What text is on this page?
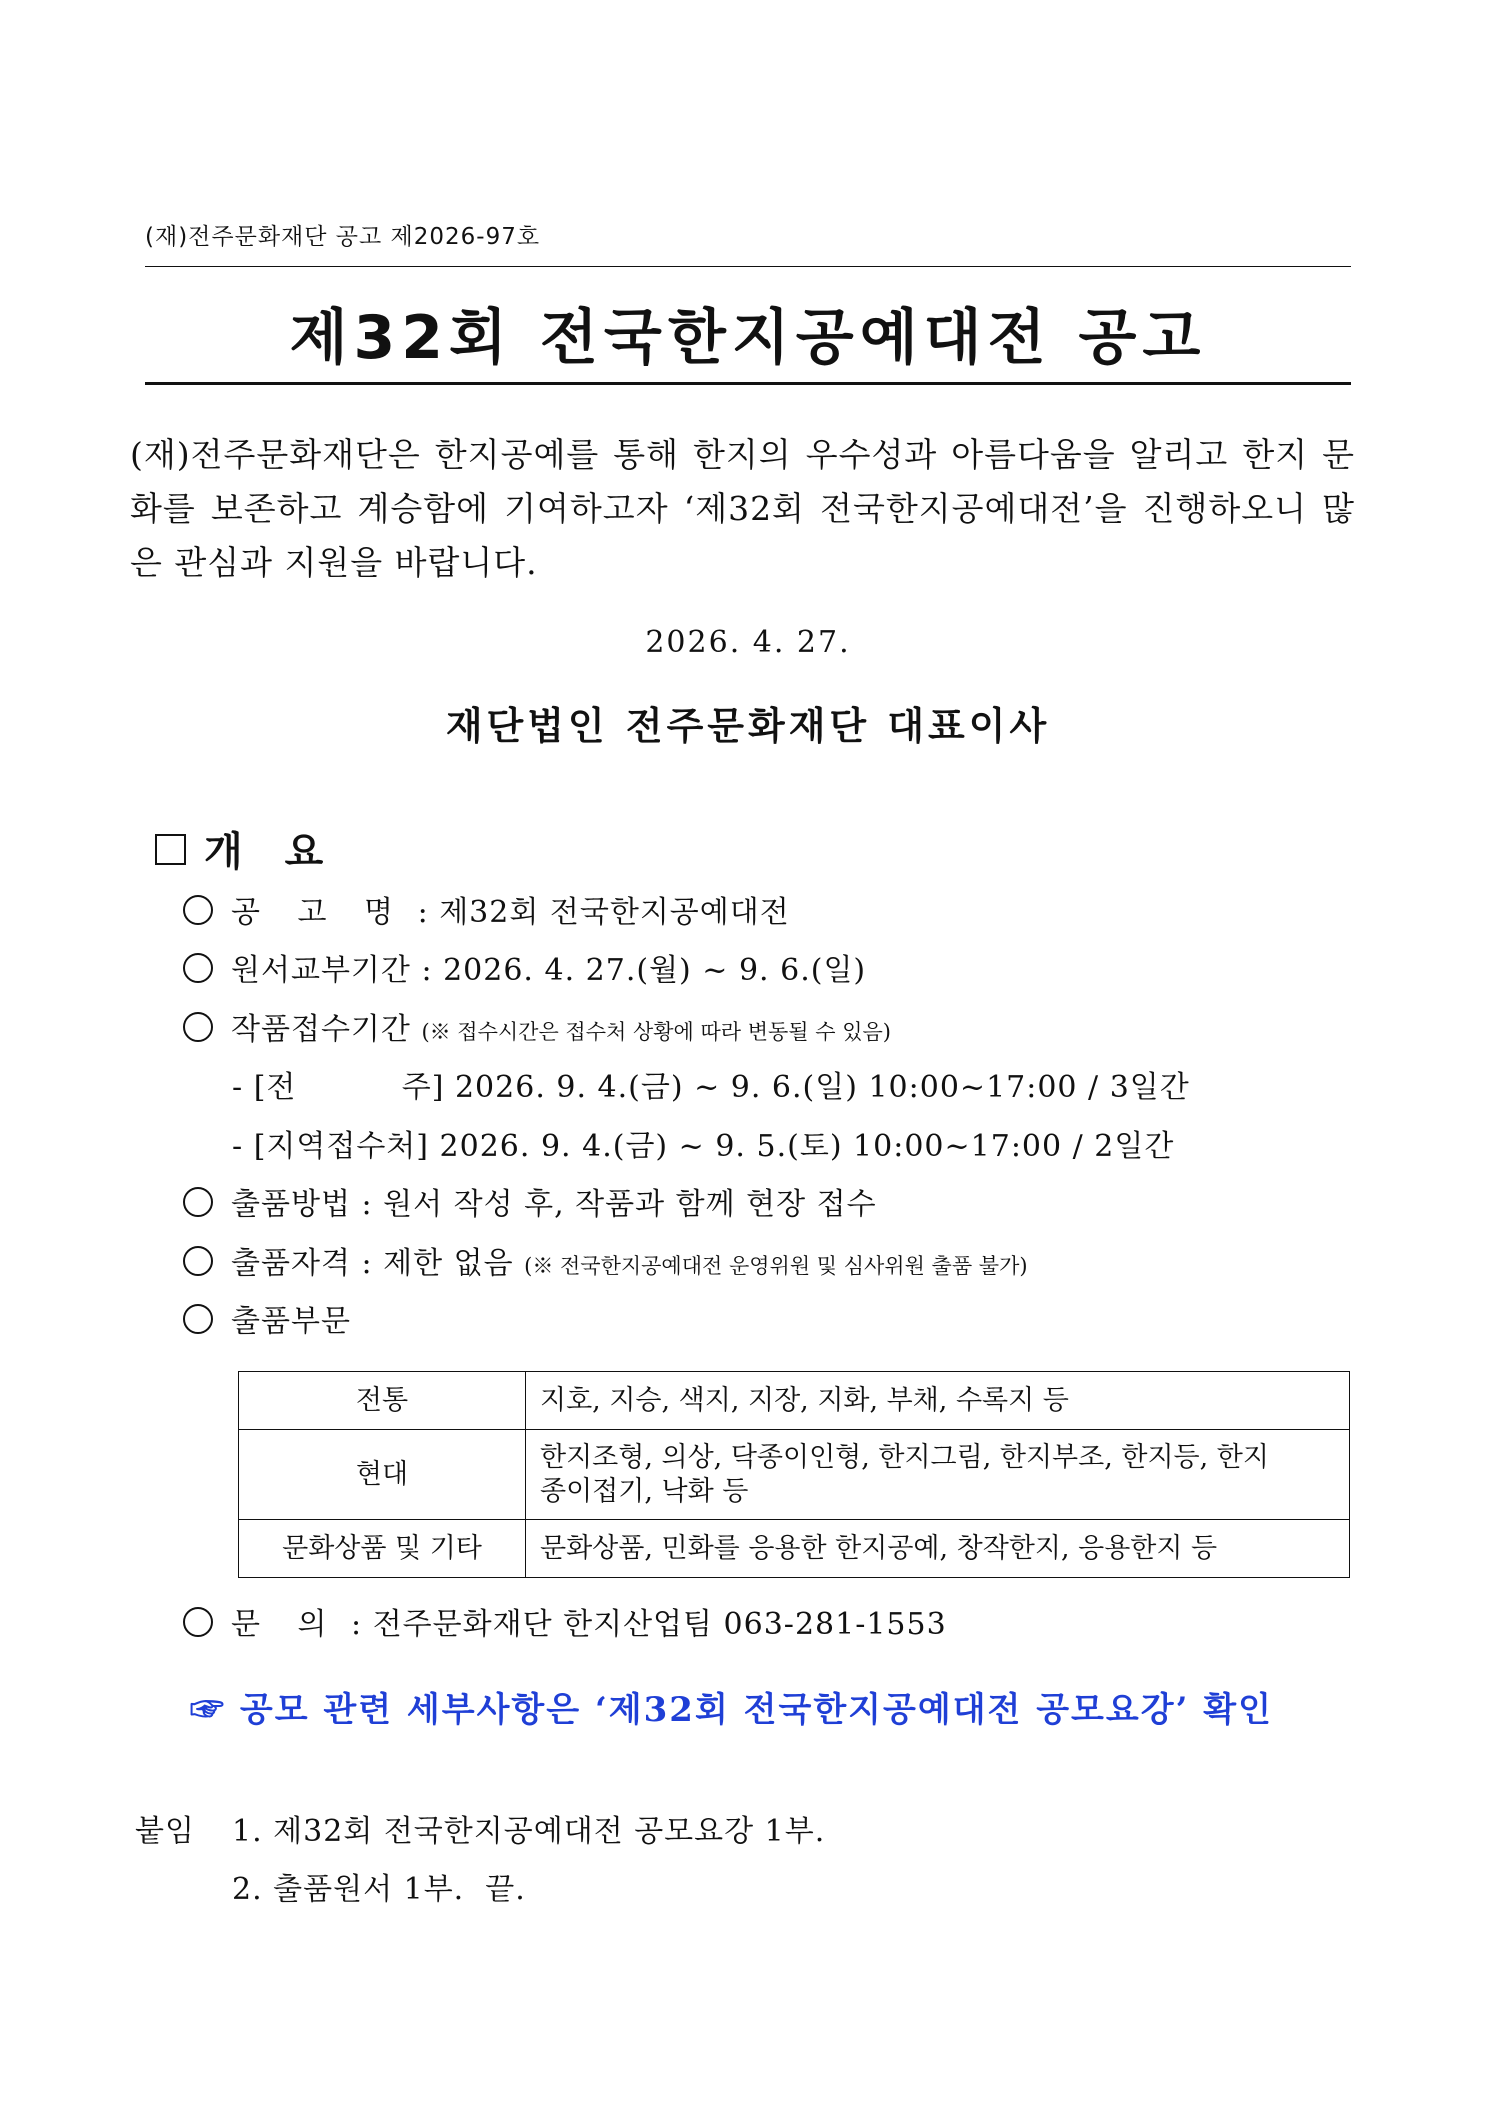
(재)전주문화재단 공고 제2026-97호
제32회 전국한지공예대전 공고
(재)전주문화재단은 한지공예를 통해 한지의 우수성과 아름다움을 알리고 한지 문화를 보존하고 계승함에 기여하고자 ‘제32회 전국한지공예대전’을 진행하오니 많은 관심과 지원을 바랍니다.
2026. 4. 27.
재단법인 전주문화재단 대표이사
개 요
공 고 명 : 제32회 전국한지공예대전
원서교부기간 : 2026. 4. 27.(월) ~ 9. 6.(일)
작품접수기간 (※ 접수시간은 접수처 상황에 따라 변동될 수 있음)
- [전          주] 2026. 9. 4.(금) ~ 9. 6.(일) 10:00~17:00 / 3일간
- [지역접수처] 2026. 9. 4.(금) ~ 9. 5.(토) 10:00~17:00 / 2일간
출품방법 : 원서 작성 후, 작품과 함께 현장 접수
출품자격 : 제한 없음 (※ 전국한지공예대전 운영위원 및 심사위원 출품 불가)
출품부문
전통	지호, 지승, 색지, 지장, 지화, 부채, 수록지 등
현대	한지조형, 의상, 닥종이인형, 한지그림, 한지부조, 한지등, 한지종이접기, 낙화 등
문화상품 및 기타	문화상품, 민화를 응용한 한지공예, 창작한지, 응용한지 등
문 의 : 전주문화재단 한지산업팀 063-281-1553
☞ 공모 관련 세부사항은 ‘제32회 전국한지공예대전 공모요강’ 확인
붙임 1. 제32회 전국한지공예대전 공모요강 1부.
2. 출품원서 1부.  끝.
